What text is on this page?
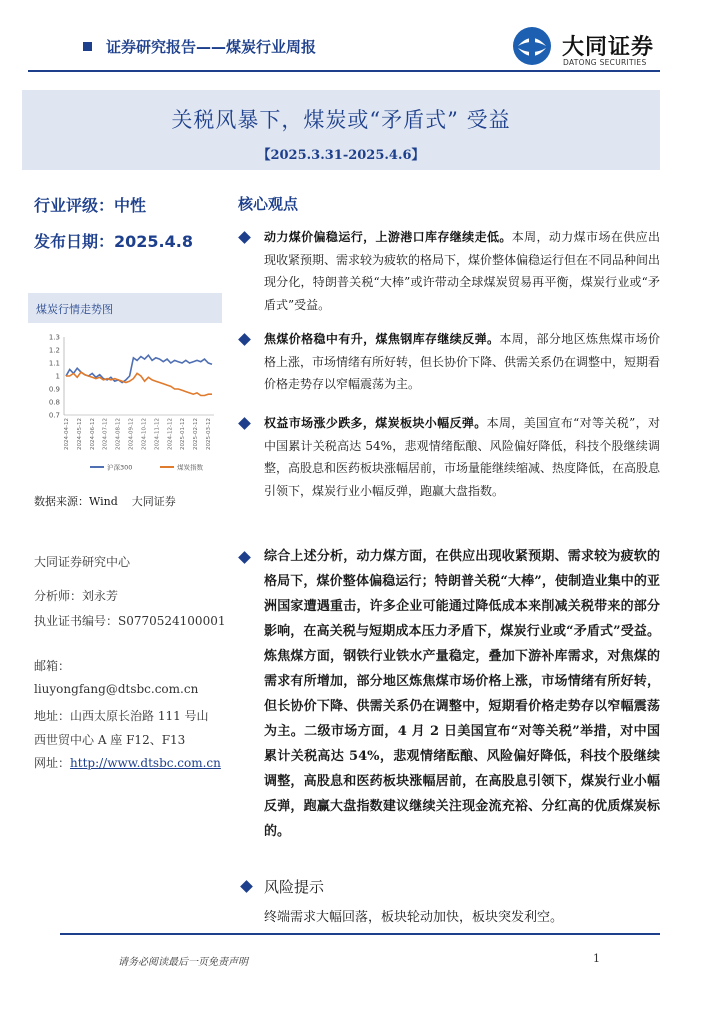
证券研究报告——煤炭行业周报	大同证券
DATONG SECURITIES
关税风暴下，煤炭或“矛盾式” 受益
【2025.3.31-2025.4.6】
行业评级：中性
发布日期：2025.4.8
煤炭行情走势图
1.3
1.2
1.1
1
0.9
0.8
0.7
2024-04-12 2024-05-12 2024-06-12 2024-07-12 2024-08-12 2024-09-12 2024-10-12 2024-11-12 2024-12-12 2025-01-12 2025-02-12 2025-03-12
沪深300	煤炭指数
数据来源：Wind 大同证券
大同证券研究中心
分析师：刘永芳
执业证书编号：S0770524100001
邮箱：
liuyongfang@dtsbc.com.cn
地址：山西太原长治路 111 号山
西世贸中心 A 座 F12、F13
网址：http://www.dtsbc.com.cn
核心观点
动力煤价偏稳运行，上游港口库存继续走低。本周，动力煤市场在供应出现收紧预期、需求较为疲软的格局下，煤价整体偏稳运行但在不同品种间出现分化，特朗普关税“大棒”或许带动全球煤炭贸易再平衡，煤炭行业或“矛盾式”受益。
焦煤价格稳中有升，煤焦钢库存继续反弹。本周，部分地区炼焦煤市场价格上涨，市场情绪有所好转，但长协价下降、供需关系仍在调整中，短期看价格走势存以窄幅震荡为主。
权益市场涨少跌多，煤炭板块小幅反弹。本周，美国宣布“对等关税”，对中国累计关税高达 54%，悲观情绪酝酿、风险偏好降低，科技个股继续调整，高股息和医药板块涨幅居前，市场量能继续缩减、热度降低，在高股息引领下，煤炭行业小幅反弹，跑赢大盘指数。
综合上述分析，动力煤方面，在供应出现收紧预期、需求较为疲软的格局下，煤价整体偏稳运行；特朗普关税“大棒”，使制造业集中的亚洲国家遭遇重击，许多企业可能通过降低成本来削减关税带来的部分影响，在高关税与短期成本压力矛盾下，煤炭行业或“矛盾式”受益。炼焦煤方面，钢铁行业铁水产量稳定，叠加下游补库需求，对焦煤的需求有所增加，部分地区炼焦煤市场价格上涨，市场情绪有所好转，但长协价下降、供需关系仍在调整中，短期看价格走势存以窄幅震荡为主。二级市场方面，4 月 2 日美国宣布“对等关税”举措，对中国累计关税高达 54%，悲观情绪酝酿、风险偏好降低，科技个股继续调整，高股息和医药板块涨幅居前，在高股息引领下，煤炭行业小幅反弹，跑赢大盘指数建议继续关注现金流充裕、分红高的优质煤炭标的。
风险提示
终端需求大幅回落，板块轮动加快，板块突发利空。
请务必阅读最后一页免责声明	1
